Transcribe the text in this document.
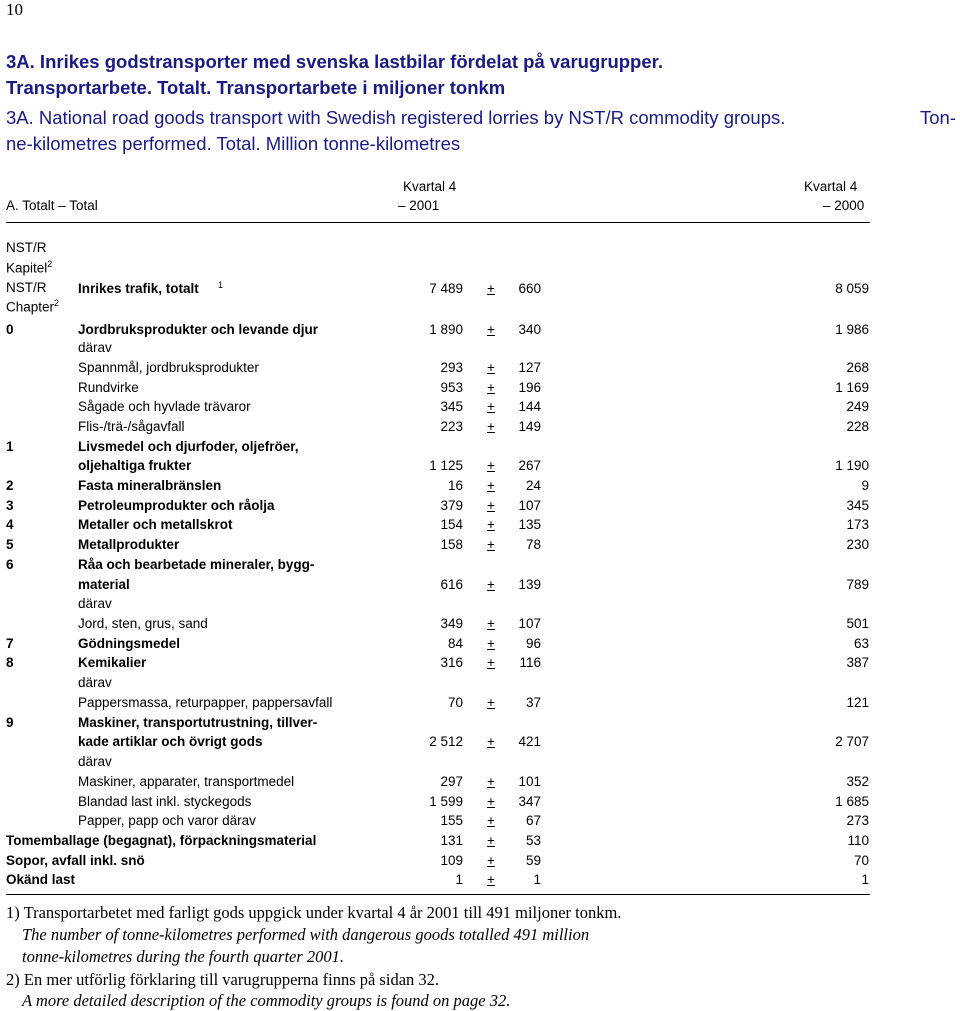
10
3A. Inrikes godstransporter med svenska lastbilar fördelat på varugrupper.
Transportarbete. Totalt. Transportarbete i miljoner tonkm
3A. National road goods transport with Swedish registered lorries by NST/R commodity groups.	Ton-
ne-kilometres performed. Total. Million tonne-kilometres
A. Totalt – Total
Kvartal 4
– 2001
Kvartal 4
– 2000
NST/R
Kapitel$^2$
NST/R
Chapter$^2$
Inrikes trafik, totalt 1	7 489 + 660	8 059
0	Jordbruksprodukter och levande djur	1 890 + 340	1 986
därav
Spannmål, jordbruksprodukter	293 + 127	268
Rundvirke	953 + 196	1 169
Sågade och hyvlade trävaror	345 + 144	249
Flis-/trä-/sågavfall	223 + 149	228
1	Livsmedel och djurfoder, oljefröer,
oljehaltiga frukter	1 125 + 267	1 190
2	Fasta mineralbränslen	16 + 24	9
3	Petroleumprodukter och råolja	379 + 107	345
4	Metaller och metallskrot	154 + 135	173
5	Metallprodukter	158 + 78	230
6	Råa och bearbetade mineraler, bygg-
material	616 + 139	789
därav
Jord, sten, grus, sand	349 + 107	501
7	Gödningsmedel	84 + 96	63
8	Kemikalier	316 + 116	387
därav
Pappersmassa, returpapper, pappersavfall	70 + 37	121
9	Maskiner, transportutrustning, tillver-
kade artiklar och övrigt gods	2 512 + 421	2 707
därav
Maskiner, apparater, transportmedel	297 + 101	352
Blandad last inkl. styckegods	1 599 + 347	1 685
Papper, papp och varor därav	155 + 67	273
Tomemballage (begagnat), förpackningsmaterial	131 + 53	110
Sopor, avfall inkl. snö	109 + 59	70
Okänd last	1 +	1	1
1) Transportarbetet med farligt gods uppgick under kvartal 4 år 2001 till 491 miljoner tonkm.
The number of tonne-kilometres performed with dangerous goods totalled 491 million
tonne-kilometres during the fourth quarter 2001.
2) En mer utförlig förklaring till varugrupperna finns på sidan 32.
A more detailed description of the commodity groups is found on page 32.
